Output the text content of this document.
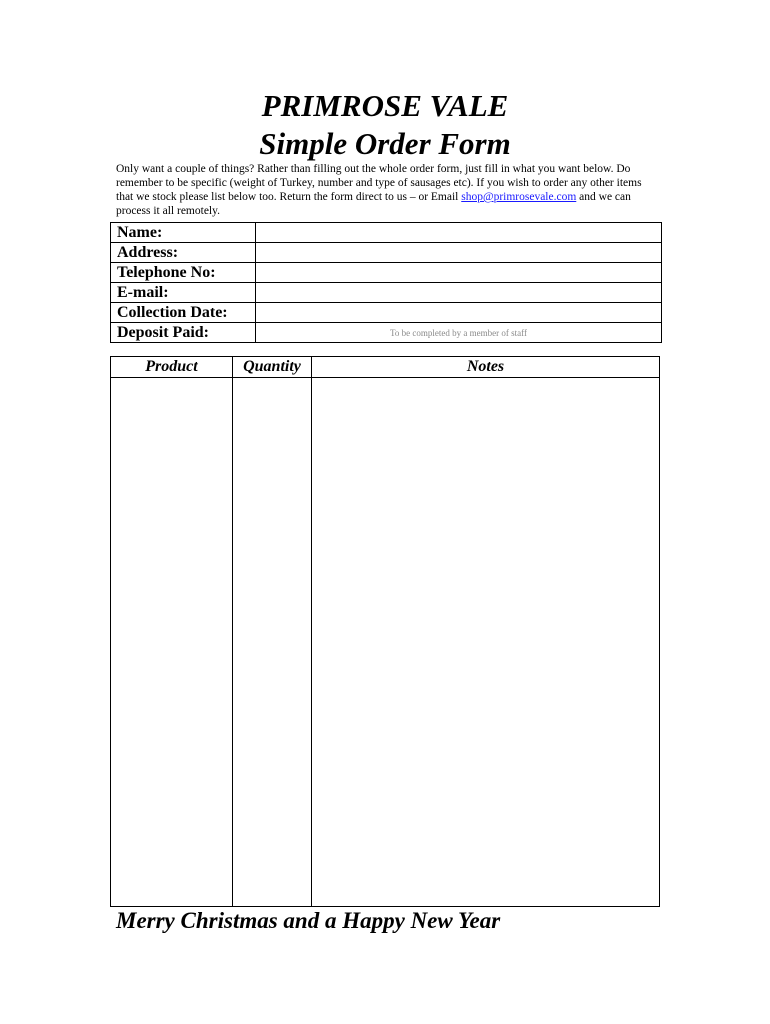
PRIMROSE VALE
Simple Order Form

Only want a couple of things? Rather than filling out the whole order form, just fill in what you want below. Do remember to be specific (weight of Turkey, number and type of sausages etc). If you wish to order any other items that we stock please list below too. Return the form direct to us – or Email shop@primrosevale.com and we can process it all remotely.

Name:	
Address:	
Telephone No:	
E-mail:	
Collection Date:	
Deposit Paid:	To be completed by a member of staff
Product	Quantity	Notes

Merry Christmas and a Happy New Year
